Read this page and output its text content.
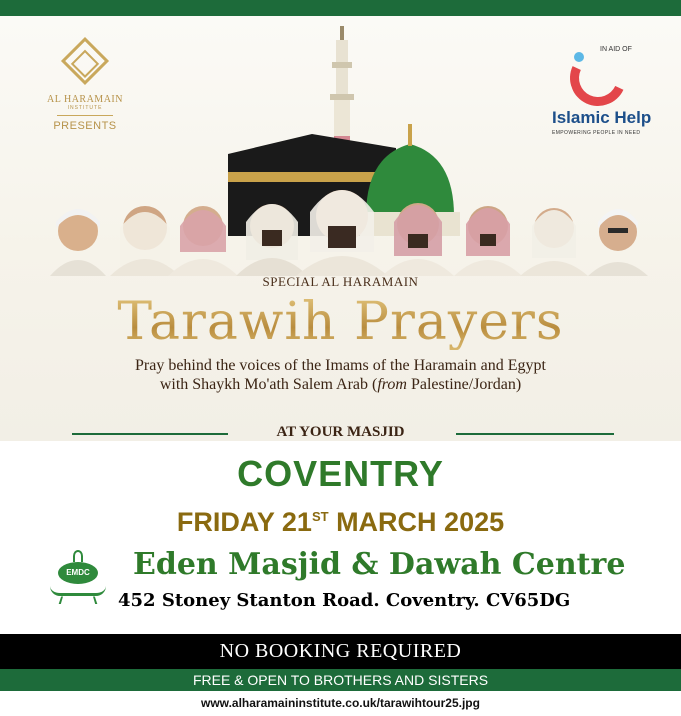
AL HARAMAIN
INSTITUTE
PRESENTS
IN AID OF
Islamic Help
EMPOWERING PEOPLE IN NEED
SPECIAL AL HARAMAIN
Tarawih Prayers
Pray behind the voices of the Imams of the Haramain and Egypt
with Shaykh Mo'ath Salem Arab (from Palestine/Jordan)
AT YOUR MASJID
COVENTRY
FRIDAY 21ST MARCH 2025
EMDC Eden Masjid & Dawah Centre
452 Stoney Stanton Road. Coventry. CV65DG
NO BOOKING REQUIRED
FREE & OPEN TO BROTHERS AND SISTERS
www.alharamaininstitute.co.uk/tarawihtour25.jpg
